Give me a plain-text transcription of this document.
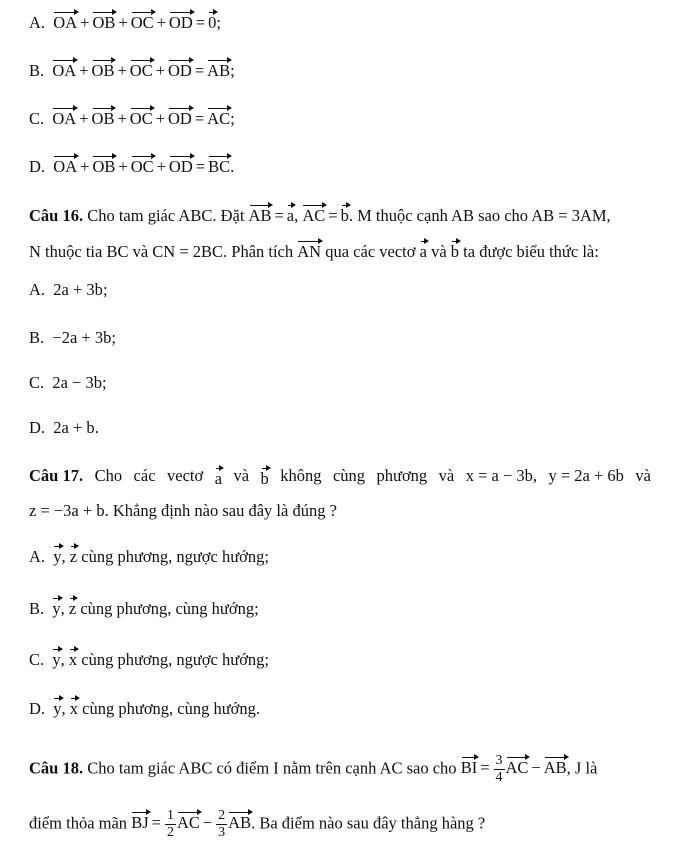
A. OA + OB + OC + OD = 0;
B. OA + OB + OC + OD = AB;
C. OA + OB + OC + OD = AC;
D. OA + OB + OC + OD = BC.
Câu 16. Cho tam giác ABC. Đặt AB = a, AC = b. M thuộc cạnh AB sao cho AB = 3AM,
N thuộc tia BC và CN = 2BC. Phân tích AN qua các vectơ a và b ta được biểu thức là:
A. 2a + 3b;
B. −2a + 3b;
C. 2a − 3b;
D. 2a + b.
Câu 17. Cho các vectơ a và b không cùng phương và x = a − 3b, y = 2a + 6b và
z = −3a + b. Khẳng định nào sau đây là đúng ?
A. y, z cùng phương, ngược hướng;
B. y, z cùng phương, cùng hướng;
C. y, x cùng phương, ngược hướng;
D. y, x cùng phương, cùng hướng.
Câu 18. Cho tam giác ABC có điểm I nằm trên cạnh AC sao cho BI = $\frac{3}{4}$ AC − AB, J là
điểm thỏa mãn BJ = $\frac{1}{2}$ AC − $\frac{2}{3}$ AB. Ba điểm nào sau đây thẳng hàng ?
